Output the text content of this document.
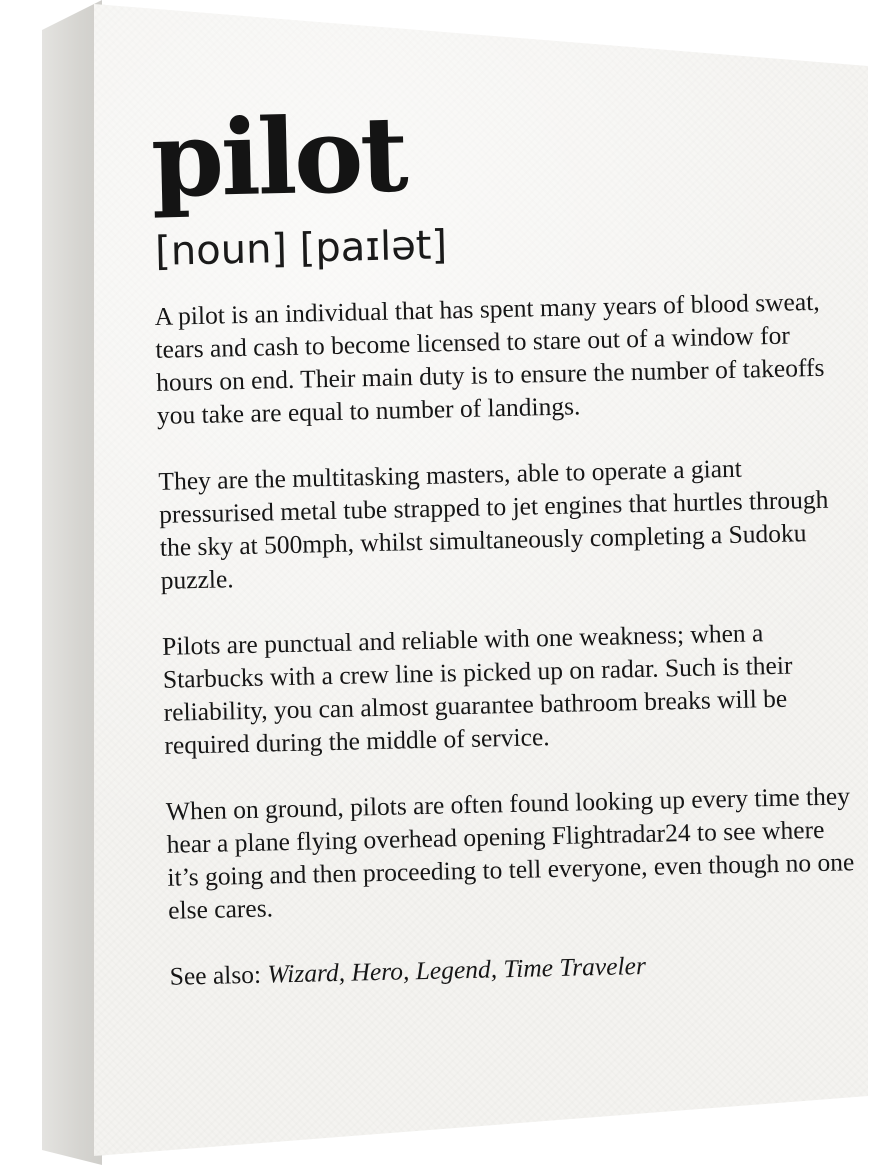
pilot
[noun] [paɪlət]

A pilot is an individual that has spent many years of blood sweat, tears and cash to become licensed to stare out of a window for hours on end. Their main duty is to ensure the number of takeoffs you take are equal to number of landings.

They are the multitasking masters, able to operate a giant pressurised metal tube strapped to jet engines that hurtles through the sky at 500mph, whilst simultaneously completing a Sudoku puzzle.

Pilots are punctual and reliable with one weakness; when a Starbucks with a crew line is picked up on radar. Such is their reliability, you can almost guarantee bathroom breaks will be required during the middle of service.

When on ground, pilots are often found looking up every time they hear a plane flying overhead opening Flightradar24 to see where it’s going and then proceeding to tell everyone, even though no one else cares.

See also: Wizard, Hero, Legend, Time Traveler
